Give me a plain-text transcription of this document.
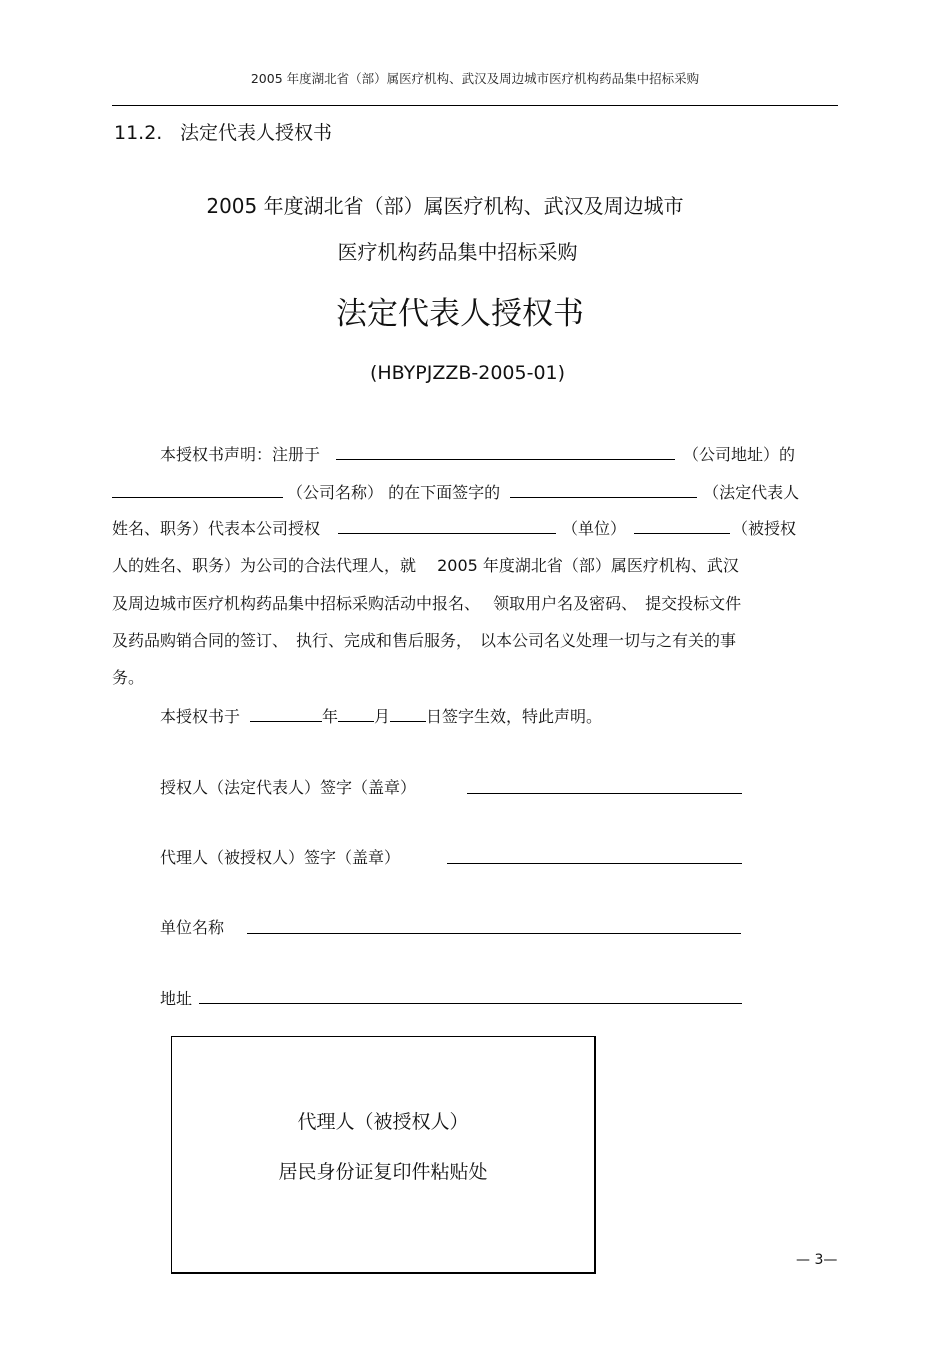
2005 年度湖北省（部）属医疗机构、武汉及周边城市医疗机构药品集中招标采购
11.2. 法定代表人授权书
2005 年度湖北省（部）属医疗机构、武汉及周边城市
医疗机构药品集中招标采购
法定代表人授权书
(HBYPJZZB-2005-01)
本授权书声明：注册于	（公司地址）的
（公司名称） 的在下面签字的	（法定代表人
姓名、职务）代表本公司授权	（单位）	（被授权
人的姓名、职务）为公司的合法代理人，就　 2005 年度湖北省（部）属医疗机构、武汉
及周边城市医疗机构药品集中招标采购活动中报名、　 领取用户名及密码、　提交投标文件
及药品购销合同的签订、　执行、完成和售后服务，　以本公司名义处理一切与之有关的事
务。
本授权书于	年 月 日签字生效，特此声明。
授权人（法定代表人）签字（盖章）
代理人（被授权人）签字（盖章）
单位名称
地址
代理人（被授权人）
居民身份证复印件粘贴处
— 3—
